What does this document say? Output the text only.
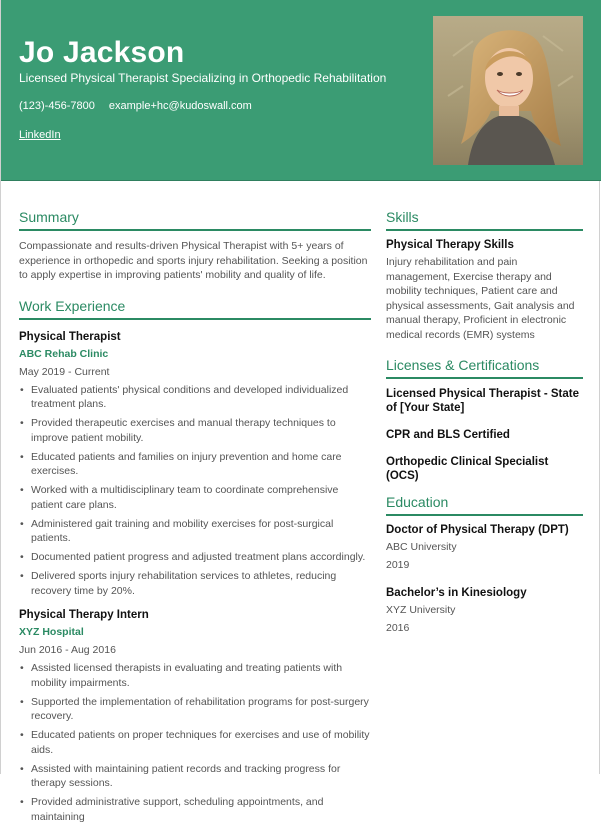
Jo Jackson
Licensed Physical Therapist Specializing in Orthopedic Rehabilitation
(123)-456-7800 example+hc@kudoswall.com
LinkedIn
Summary
Compassionate and results-driven Physical Therapist with 5+ years of experience in orthopedic and sports injury rehabilitation. Seeking a position to apply expertise in improving patients' mobility and quality of life.
Work Experience
Physical Therapist
ABC Rehab Clinic
May 2019 - Current
• Evaluated patients' physical conditions and developed individualized treatment plans.
• Provided therapeutic exercises and manual therapy techniques to improve patient mobility.
• Educated patients and families on injury prevention and home care exercises.
• Worked with a multidisciplinary team to coordinate comprehensive patient care plans.
• Administered gait training and mobility exercises for post-surgical patients.
• Documented patient progress and adjusted treatment plans accordingly.
• Delivered sports injury rehabilitation services to athletes, reducing recovery time by 20%.
Physical Therapy Intern
XYZ Hospital
Jun 2016 - Aug 2016
• Assisted licensed therapists in evaluating and treating patients with mobility impairments.
• Supported the implementation of rehabilitation programs for post-surgery recovery.
• Educated patients on proper techniques for exercises and use of mobility aids.
• Assisted with maintaining patient records and tracking progress for therapy sessions.
• Provided administrative support, scheduling appointments, and maintaining
Skills
Physical Therapy Skills
Injury rehabilitation and pain management, Exercise therapy and mobility techniques, Patient care and physical assessments, Gait analysis and manual therapy, Proficient in electronic medical records (EMR) systems
Licenses & Certifications
Licensed Physical Therapist - State of [Your State]
CPR and BLS Certified
Orthopedic Clinical Specialist (OCS)
Education
Doctor of Physical Therapy (DPT)
ABC University
2019
Bachelor’s in Kinesiology
XYZ University
2016
